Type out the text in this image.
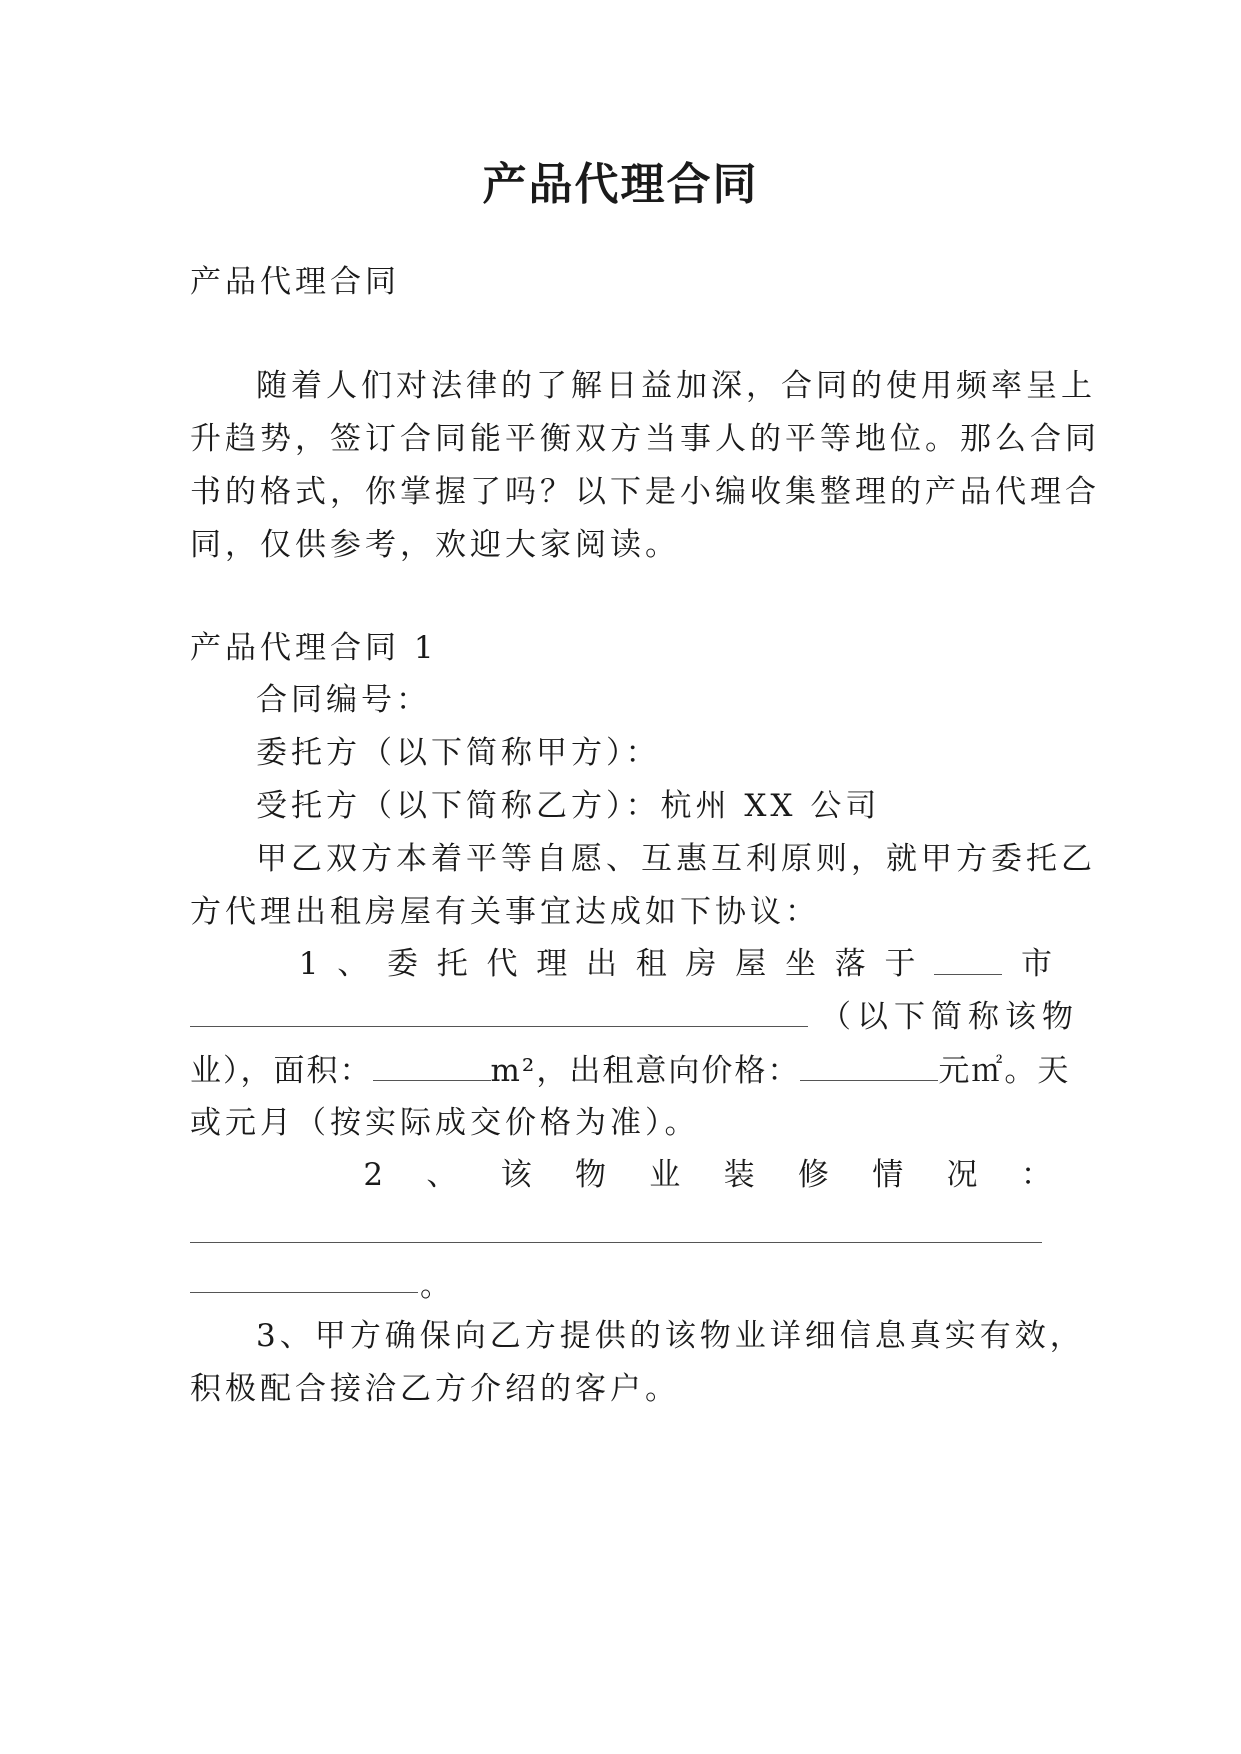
产品代理合同
产品代理合同
随着人们对法律的了解日益加深，合同的使用频率呈上
升趋势，签订合同能平衡双方当事人的平等地位。那么合同
书的格式，你掌握了吗？以下是小编收集整理的产品代理合
同，仅供参考，欢迎大家阅读。
产品代理合同 1
合同编号：
委托方（以下简称甲方）：
受托方（以下简称乙方）：杭州 XX 公司
甲乙双方本着平等自愿、互惠互利原则，就甲方委托乙
方代理出租房屋有关事宜达成如下协议：
1 、 委 托 代 理 出 租 房 屋 坐 落 于	市
（以下简称该物
业），面积：	m²，出租意向价格：	元㎡。天
或元月（按实际成交价格为准）。
2 、 该 物 业 装 修 情 况 ：
。
3、甲方确保向乙方提供的该物业详细信息真实有效，
积极配合接洽乙方介绍的客户。
